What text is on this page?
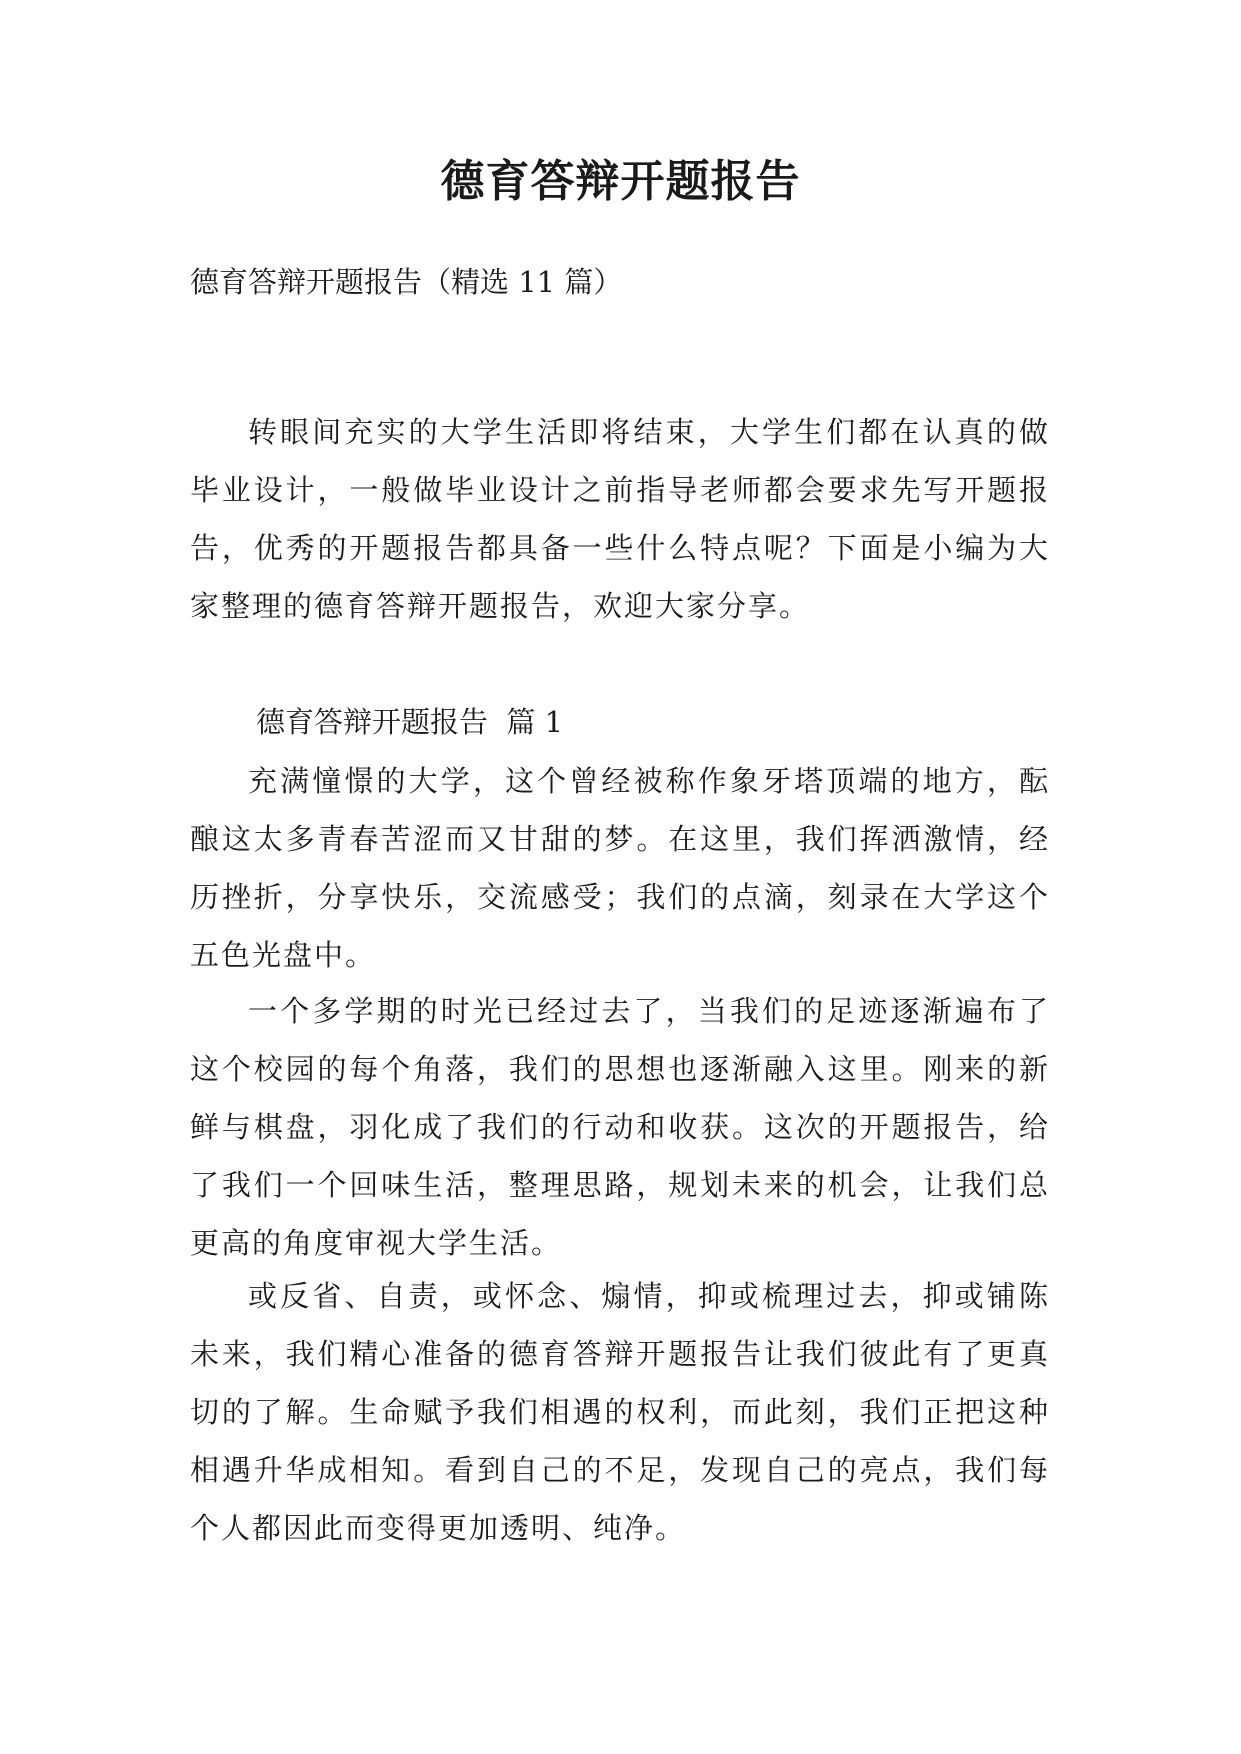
德育答辩开题报告

德育答辩开题报告（精选 11 篇）

转眼间充实的大学生活即将结束，大学生们都在认真的做毕业设计，一般做毕业设计之前指导老师都会要求先写开题报告，优秀的开题报告都具备一些什么特点呢？下面是小编为大家整理的德育答辩开题报告，欢迎大家分享。

德育答辩开题报告  篇 1

充满憧憬的大学，这个曾经被称作象牙塔顶端的地方，酝酿这太多青春苦涩而又甘甜的梦。在这里，我们挥洒激情，经历挫折，分享快乐，交流感受；我们的点滴，刻录在大学这个五色光盘中。

一个多学期的时光已经过去了，当我们的足迹逐渐遍布了这个校园的每个角落，我们的思想也逐渐融入这里。刚来的新鲜与棋盘，羽化成了我们的行动和收获。这次的开题报告，给了我们一个回味生活，整理思路，规划未来的机会，让我们总更高的角度审视大学生活。

或反省、自责，或怀念、煽情，抑或梳理过去，抑或铺陈未来，我们精心准备的德育答辩开题报告让我们彼此有了更真切的了解。生命赋予我们相遇的权利，而此刻，我们正把这种相遇升华成相知。看到自己的不足，发现自己的亮点，我们每个人都因此而变得更加透明、纯净。
